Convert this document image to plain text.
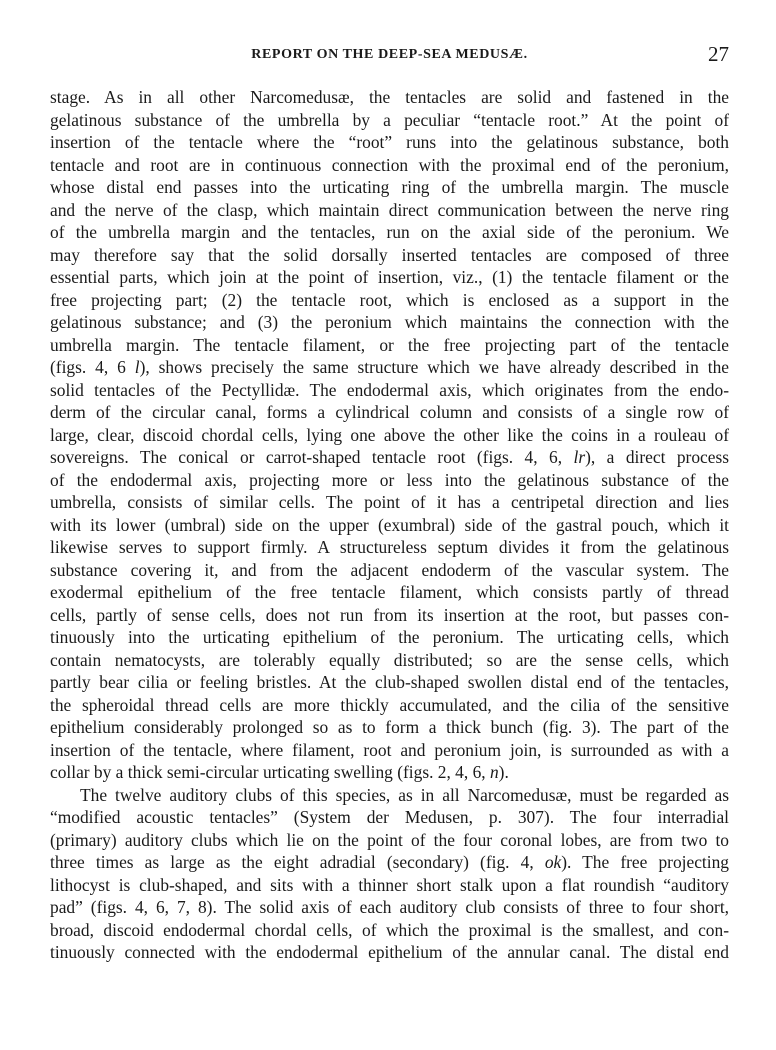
REPORT ON THE DEEP-SEA MEDUSÆ.	27
stage. As in all other Narcomedusæ, the tentacles are solid and fastened in the
gelatinous substance of the umbrella by a peculiar “tentacle root.” At the point of
insertion of the tentacle where the “root” runs into the gelatinous substance, both
tentacle and root are in continuous connection with the proximal end of the peronium,
whose distal end passes into the urticating ring of the umbrella margin. The muscle
and the nerve of the clasp, which maintain direct communication between the nerve ring
of the umbrella margin and the tentacles, run on the axial side of the peronium. We
may therefore say that the solid dorsally inserted tentacles are composed of three
essential parts, which join at the point of insertion, viz., (1) the tentacle filament or the
free projecting part; (2) the tentacle root, which is enclosed as a support in the
gelatinous substance; and (3) the peronium which maintains the connection with the
umbrella margin. The tentacle filament, or the free projecting part of the tentacle
(figs. 4, 6 l), shows precisely the same structure which we have already described in the
solid tentacles of the Pectyllidæ. The endodermal axis, which originates from the endo-
derm of the circular canal, forms a cylindrical column and consists of a single row of
large, clear, discoid chordal cells, lying one above the other like the coins in a rouleau of
sovereigns. The conical or carrot-shaped tentacle root (figs. 4, 6, lr), a direct process
of the endodermal axis, projecting more or less into the gelatinous substance of the
umbrella, consists of similar cells. The point of it has a centripetal direction and lies
with its lower (umbral) side on the upper (exumbral) side of the gastral pouch, which it
likewise serves to support firmly. A structureless septum divides it from the gelatinous
substance covering it, and from the adjacent endoderm of the vascular system. The
exodermal epithelium of the free tentacle filament, which consists partly of thread
cells, partly of sense cells, does not run from its insertion at the root, but passes con-
tinuously into the urticating epithelium of the peronium. The urticating cells, which
contain nematocysts, are tolerably equally distributed; so are the sense cells, which
partly bear cilia or feeling bristles. At the club-shaped swollen distal end of the tentacles,
the spheroidal thread cells are more thickly accumulated, and the cilia of the sensitive
epithelium considerably prolonged so as to form a thick bunch (fig. 3). The part of the
insertion of the tentacle, where filament, root and peronium join, is surrounded as with a
collar by a thick semi-circular urticating swelling (figs. 2, 4, 6, n).
The twelve auditory clubs of this species, as in all Narcomedusæ, must be regarded as
“modified acoustic tentacles” (System der Medusen, p. 307). The four interradial
(primary) auditory clubs which lie on the point of the four coronal lobes, are from two to
three times as large as the eight adradial (secondary) (fig. 4, ok). The free projecting
lithocyst is club-shaped, and sits with a thinner short stalk upon a flat roundish “auditory
pad” (figs. 4, 6, 7, 8). The solid axis of each auditory club consists of three to four short,
broad, discoid endodermal chordal cells, of which the proximal is the smallest, and con-
tinuously connected with the endodermal epithelium of the annular canal. The distal end
